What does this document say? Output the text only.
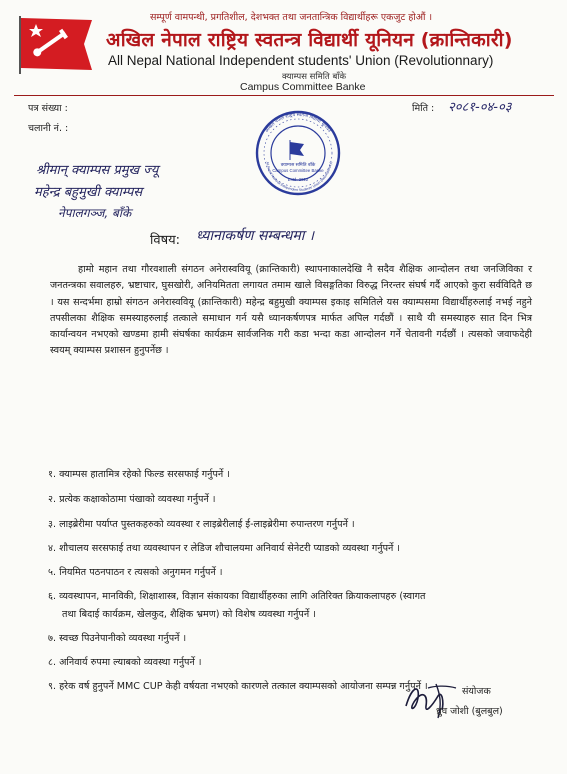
सम्पूर्ण वामपन्थी, प्रगतिशील, देशभक्त तथा जनतान्त्रिक विद्यार्थीहरू एकजुट होऔं ।
अखिल नेपाल राष्ट्रिय स्वतन्त्र विद्यार्थी यूनियन (क्रान्तिकारी)
All Nepal National Independent students' Union (Revolutionnary)
क्याम्पस समिति बाँके
Campus Committee Banke
पत्र संख्या :
चलानी नं. :
मिति : २०८१-०४-०३
क्याम्पस समिति बाँके
Campus Committee Banke
Estd. 2022
अखिल नेपाल राष्ट्रिय स्वतन्त्र विद्यार्थी यूनियन
All Nepal National Independent Students' Union (Revolutionary)
श्रीमान् क्याम्पस प्रमुख ज्यू
महेन्द्र बहुमुखी क्याम्पस
नेपालगञ्ज, बाँके
विषय: ध्यानाकर्षण सम्बन्धमा ।

हामो महान तथा गौरवशाली संगठन अनेरास्ववियू (क्रान्तिकारी) स्थापनाकालदेखि नै सदैव शैक्षिक आन्दोलन तथा जनजिविका र जनतन्त्रका सवालहरु, भ्रष्टाचार, घुसखोरी, अनियमितता लगायत तमाम खाले विसङ्गतिका विरुद्ध निरन्तर संघर्ष गर्दै आएको कुरा सर्वविदितै छ । यस सन्दर्भमा हाम्रो संगठन अनेरास्ववियू (क्रान्तिकारी) महेन्द्र बहुमुखी क्याम्पस इकाइ समितिले यस क्याम्पसमा विद्यार्थीहरुलाई नभई नहुने तपसीलका शैक्षिक समस्याहरुलाई तत्काले समाधान गर्न यसै ध्यानकर्षणपत्र मार्फत अपिल गर्दछौं । साथै यी समस्याहरु सात दिन भित्र कार्यान्वयन नभएको खण्डमा हामी संघर्षका कार्यक्रम सार्वजनिक गरी कडा भन्दा कडा आन्दोलन गर्ने चेतावनी गर्दछौं । त्यसको जवाफदेही स्वयम् क्याम्पस प्रशासन हुनुपर्नेछ ।

१. क्याम्पस हातामित्र रहेको फिल्ड सरसफाई गर्नुपर्ने ।
२. प्रत्येक कक्षाकोठामा पंखाको व्यवस्था गर्नुपर्ने ।
३. लाइब्रेरीमा पर्याप्त पुस्तकहरुको व्यवस्था र लाइब्रेरीलाई ई-लाइब्रेरीमा रुपान्तरण गर्नुपर्ने ।
४. शौचालय सरसफाई तथा व्यवस्थापन र लेडिज शौचालयमा अनिवार्य सेनेटरी प्याडको व्यवस्था गर्नुपर्ने ।
५. नियमित पठनपाठन र त्यसको अनुगमन गर्नुपर्ने ।
६. व्यवस्थापन, मानविकी, शिक्षाशास्त्र, विज्ञान संकायका विद्यार्थीहरुका लागि अतिरिक्त क्रियाकलापहरु (स्वागत
तथा बिदाई कार्यक्रम, खेलकुद, शैक्षिक भ्रमण) को विशेष व्यवस्था गर्नुपर्ने ।
७. स्वच्छ पिउनेपानीको व्यवस्था गर्नुपर्ने ।
८. अनिवार्य रुपमा ल्याबको व्यवस्था गर्नुपर्ने ।
९. हरेक वर्ष हुनुपर्ने MMC CUP केही वर्षयता नभएको कारणले तत्काल क्याम्पसको आयोजना सम्पन्न गर्नुपर्ने ।	संयोजक
ध्रुव जोशी (बुलबुल)
